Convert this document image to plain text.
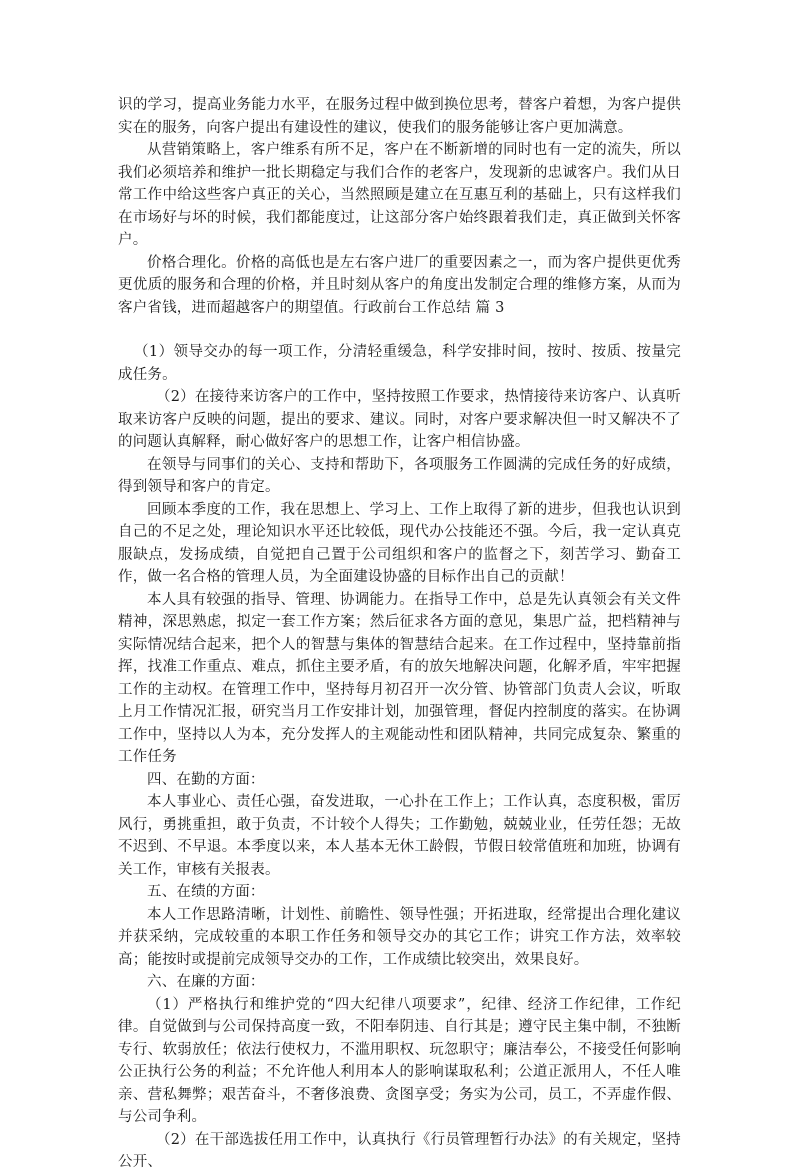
识的学习，提高业务能力水平，在服务过程中做到换位思考，替客户着想，为客户提供实在的服务，向客户提出有建设性的建议，使我们的服务能够让客户更加满意。

从营销策略上，客户维系有所不足，客户在不断新增的同时也有一定的流失，所以我们必须培养和维护一批长期稳定与我们合作的老客户，发现新的忠诚客户。我们从日常工作中给这些客户真正的关心，当然照顾是建立在互惠互利的基础上，只有这样我们在市场好与坏的时候，我们都能度过，让这部分客户始终跟着我们走，真正做到关怀客户。

价格合理化。价格的高低也是左右客户进厂的重要因素之一，而为客户提供更优秀更优质的服务和合理的价格，并且时刻从客户的角度出发制定合理的维修方案，从而为客户省钱，进而超越客户的期望值。行政前台工作总结 篇 3

（1）领导交办的每一项工作，分清轻重缓急，科学安排时间，按时、按质、按量完成任务。

（2）在接待来访客户的工作中，坚持按照工作要求，热情接待来访客户、认真听取来访客户反映的问题，提出的要求、建议。同时，对客户要求解决但一时又解决不了的问题认真解释，耐心做好客户的思想工作，让客户相信协盛。

在领导与同事们的关心、支持和帮助下，各项服务工作圆满的完成任务的好成绩，得到领导和客户的肯定。

回顾本季度的工作，我在思想上、学习上、工作上取得了新的进步，但我也认识到自己的不足之处，理论知识水平还比较低，现代办公技能还不强。今后，我一定认真克服缺点，发扬成绩，自觉把自己置于公司组织和客户的监督之下，刻苦学习、勤奋工作，做一名合格的管理人员，为全面建设协盛的目标作出自己的贡献！

本人具有较强的指导、管理、协调能力。在指导工作中，总是先认真领会有关文件精神，深思熟虑，拟定一套工作方案；然后征求各方面的意见，集思广益，把档精神与实际情况结合起来，把个人的智慧与集体的智慧结合起来。在工作过程中，坚持靠前指挥，找准工作重点、难点，抓住主要矛盾，有的放矢地解决问题，化解矛盾，牢牢把握工作的主动权。在管理工作中，坚持每月初召开一次分管、协管部门负责人会议，听取上月工作情况汇报，研究当月工作安排计划，加强管理，督促内控制度的落实。在协调工作中，坚持以人为本，充分发挥人的主观能动性和团队精神，共同完成复杂、繁重的工作任务

四、在勤的方面：

本人事业心、责任心强，奋发进取，一心扑在工作上；工作认真，态度积极，雷厉风行，勇挑重担，敢于负责，不计较个人得失；工作勤勉，兢兢业业，任劳任怨；无故不迟到、不早退。本季度以来，本人基本无休工龄假，节假日较常值班和加班，协调有关工作，审核有关报表。

五、在绩的方面：

本人工作思路清晰，计划性、前瞻性、领导性强；开拓进取，经常提出合理化建议并获采纳，完成较重的本职工作任务和领导交办的其它工作；讲究工作方法，效率较高；能按时或提前完成领导交办的工作，工作成绩比较突出，效果良好。

六、在廉的方面：

（1）严格执行和维护党的“四大纪律八项要求”，纪律、经济工作纪律，工作纪律。自觉做到与公司保持高度一致，不阳奉阴违、自行其是；遵守民主集中制，不独断专行、软弱放任；依法行使权力，不滥用职权、玩忽职守；廉洁奉公，不接受任何影响公正执行公务的利益；不允许他人利用本人的影响谋取私利；公道正派用人，不任人唯亲、营私舞弊；艰苦奋斗，不奢侈浪费、贪图享受；务实为公司，员工，不弄虚作假、与公司争利。

（2）在干部选拔任用工作中，认真执行《行员管理暂行办法》的有关规定，坚持公开、
